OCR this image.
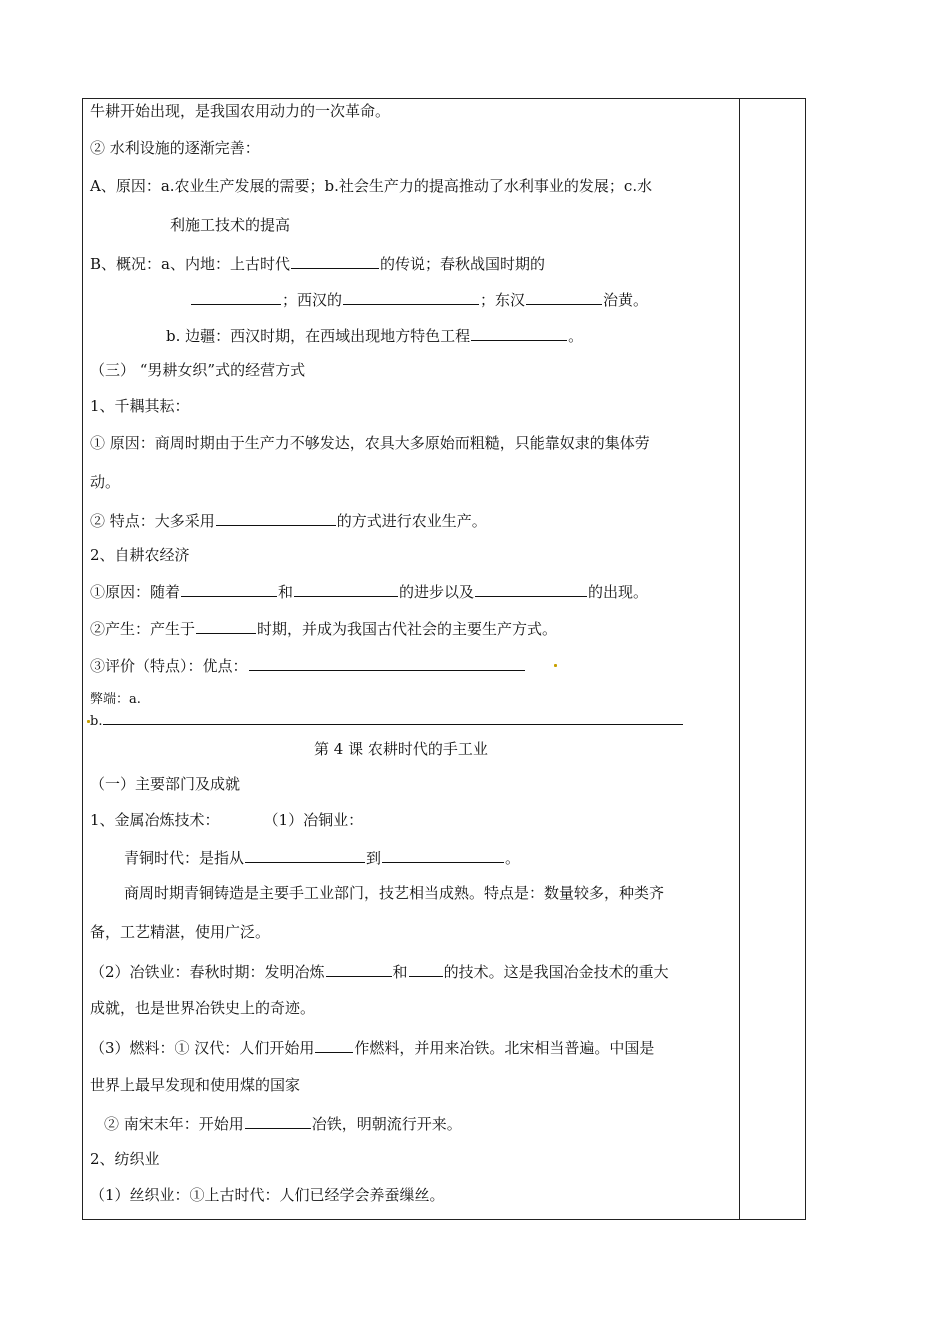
牛耕开始出现，是我国农用动力的一次革命。
② 水利设施的逐渐完善：
A、原因：a.农业生产发展的需要；b.社会生产力的提高推动了水利事业的发展；c.水
利施工技术的提高
B、概况：a、内地：上古时代	的传说；春秋战国时期的
；西汉的	；东汉	治黄。
b. 边疆：西汉时期，在西域出现地方特色工程	。
（三） “男耕女织”式的经营方式
1、千耦其耘：
① 原因：商周时期由于生产力不够发达，农具大多原始而粗糙，只能靠奴隶的集体劳
动。
② 特点：大多采用	的方式进行农业生产。
2、自耕农经济
①原因：随着	和	的进步以及	的出现。
②产生：产生于	时期，并成为我国古代社会的主要生产方式。
③评价（特点）：优点：
弊端：a.
b.
第 4 课 农耕时代的手工业
（一）主要部门及成就
1、金属冶炼技术：	（1）冶铜业：
青铜时代：是指从	到	。
商周时期青铜铸造是主要手工业部门，技艺相当成熟。特点是：数量较多，种类齐
备，工艺精湛，使用广泛。
（2）冶铁业：春秋时期：发明冶炼	和 的技术。这是我国冶金技术的重大
成就，也是世界冶铁史上的奇迹。
（3）燃料：① 汉代：人们开始用	作燃料，并用来冶铁。北宋相当普遍。中国是
世界上最早发现和使用煤的国家
② 南宋末年：开始用	冶铁，明朝流行开来。
2、纺织业
（1）丝织业：①上古时代：人们已经学会养蚕缫丝。
